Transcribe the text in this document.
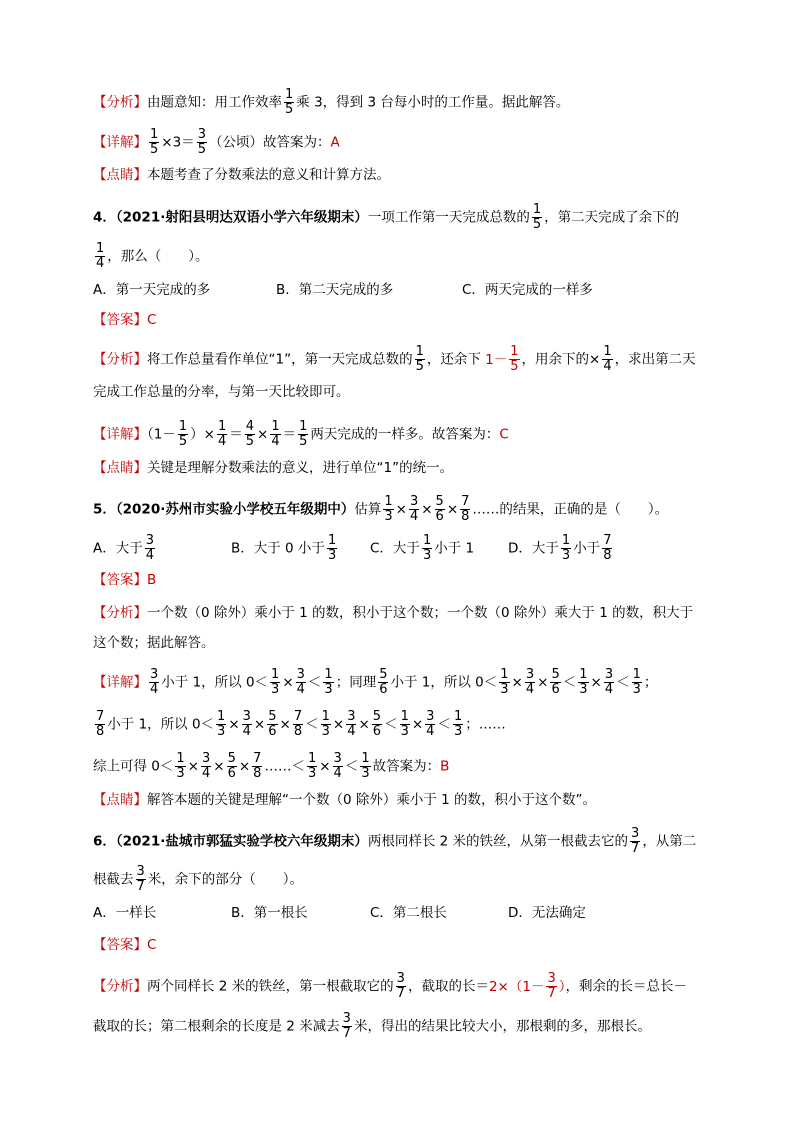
【分析】由题意知：用工作效率 $\frac{1}{5}$ 乘 3，得到 3 台每小时的工作量。据此解答。
【详解】 $\frac{1}{5} \times 3= \frac{3}{5}$ （公顷）故答案为：A
【点睛】本题考查了分数乘法的意义和计算方法。
4．（2021·射阳县明达双语小学六年级期末）一项工作第一天完成总数的 $\frac{1}{5}$ ，第二天完成了余下的
$\frac{1}{4}$ ，那么（　　）。
【答案】C
【分析】将工作总量看作单位“1”，第一天完成总数的 $\frac{1}{5}$ ，还余下 $1- \frac{1}{5}$ ，用余下的× $\frac{1}{4}$ ，求出第二天
完成工作总量的分率，与第一天比较即可。
【详解】（$1- \frac{1}{5}$ ）× $\frac{1}{4} = \frac{4}{5} \times \frac{1}{4} = \frac{1}{5}$ 两天完成的一样多。故答案为：C
【点睛】关键是理解分数乘法的意义，进行单位“1”的统一。
5．（2020·苏州市实验小学校五年级期中）估算 $\frac{1}{3} \times \frac{3}{4} \times \frac{5}{6} \times \frac{7}{8}$ ……的结果，正确的是（　　）。
【答案】B
【分析】一个数（0 除外）乘小于 1 的数，积小于这个数；一个数（0 除外）乘大于 1 的数，积大于
这个数；据此解答。
【详解】 $\frac{3}{4}$ 小于 1，所以 $0< \frac{1}{3} \times \frac{3}{4} < \frac{1}{3}$ ；同理 $\frac{5}{6}$ 小于 1，所以 $0< \frac{1}{3} \times \frac{3}{4} \times \frac{5}{6} < \frac{1}{3} \times \frac{3}{4} < \frac{1}{3}$ ；
$\frac{7}{8}$ 小于 1，所以 $0< \frac{1}{3} \times \frac{3}{4} \times \frac{5}{6} \times \frac{7}{8} < \frac{1}{3} \times \frac{3}{4} \times \frac{5}{6} < \frac{1}{3} \times \frac{3}{4} < \frac{1}{3}$ ；……
综上可得 $0< \frac{1}{3} \times \frac{3}{4} \times \frac{5}{6} \times \frac{7}{8}$ ……＜ $\frac{1}{3} \times \frac{3}{4} < \frac{1}{3}$ 故答案为：B
【点睛】解答本题的关键是理解“一个数（0 除外）乘小于 1 的数，积小于这个数”。
6．（2021·盐城市郭猛实验学校六年级期末）两根同样长 2 米的铁丝，从第一根截去它的 $\frac{3}{7}$ ，从第二
根截去 $\frac{3}{7}$ 米，余下的部分（　　）。
【答案】C
【分析】两个同样长 2 米的铁丝，第一根截取它的 $\frac{3}{7}$ ，截取的长$=2\times(1- \frac{3}{7}$ ），剩余的长＝总长－
截取的长；第二根剩余的长度是 2 米减去 $\frac{3}{7}$ 米，得出的结果比较大小，那根剩的多，那根长。
A．第一天完成的多	B．第二天完成的多	C．两天完成的一样多
A．大于 $\frac{3}{4}$	B．大于 0 小于 $\frac{1}{3}$ C．大于 $\frac{1}{3}$ 小于 1	D．大于 $\frac{1}{3}$ 小于 $\frac{7}{8}$
A．一样长	B．第一根长	C．第二根长	D．无法确定
